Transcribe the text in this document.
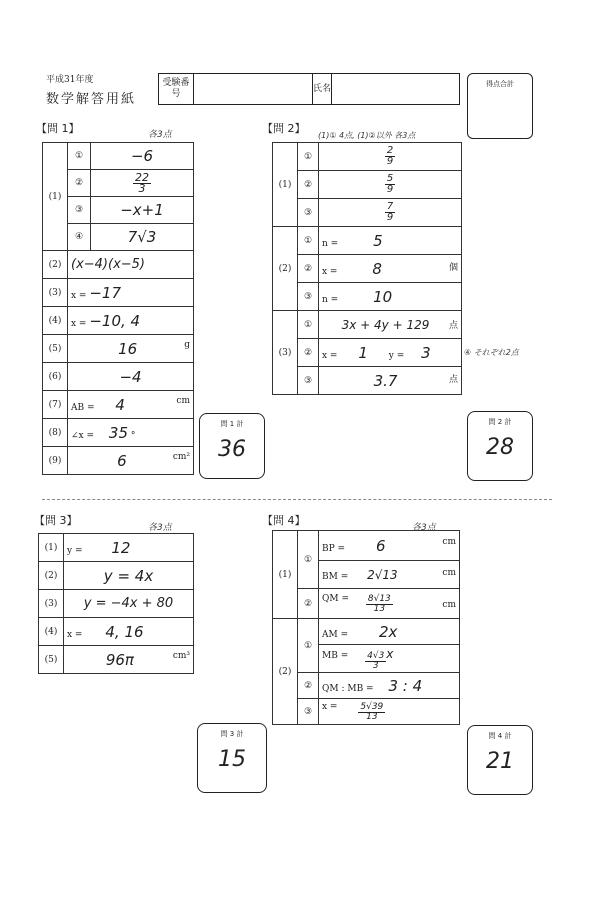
平成31年度
数学解答用紙
受験番号
氏名	得点合計
【問 1】	各3点
(1)	①	−6
	②	$\frac{22}{3}$

	③	−x+1
	④	7√3
(2)	(x−4)(x−5)	
(3)	x = −17	
(4)	x = −10, 4	
(5)	16 g	

(6)	−4	
(7)	AB = 4 cm	

(8)	∠x = 35 °	
(9)	6 cm²	
問 1 計
36
【問 2】
(1)① 4点, (1)②以外 各3点
(1)	①	$\frac{2}{9}$

	②	$\frac{5}{9}$

	③	$\frac{7}{9}$

(2)	①	n = 5
	②	x = 8 個

	③	n = 10
(3)	①	3x + 4y + 129 点

	②	x = 1 y = 3
	③	3.7 点
④ それぞれ2点
問 2 計
28
【問 3】
各3点
(1)	y = 12
(2)	y = 4x
(3)	y = −4x + 80
(4)	x = 4, 16
(5)	96π cm³
問 3 計
15
【問 4】
各3点
(1)	①	BP = 6 cm

		BM = 2√13 cm

	②	QM = $\frac{8√13}{13}$ cm

(2)	①	AM = 2x
		MB = $\frac{4√3}{3}$ x
	②	QM : MB = 3 : 4
	③	$x = \frac{5√39}{13}$
問 4 計
21
